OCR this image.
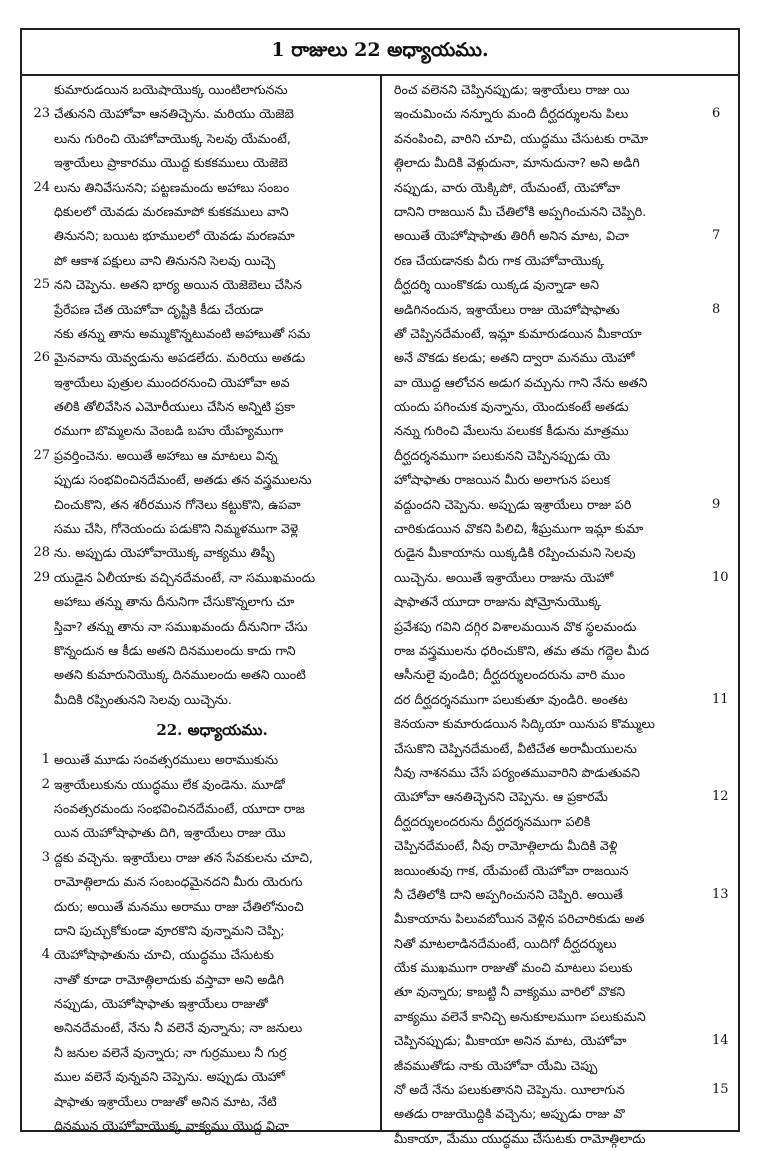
1 రాజులు 22 అధ్యాయము.
కుమారుడయిన బయెషాయొక్క యింటిలాగునను
చేతునని యెహోవా ఆనతిచ్చెను. మరియు యెజెబె
23
లును గురించి యెహోవాయొక్క సెలవు యేమంటే,
ఇశ్రాయేలు ప్రాకారము యొద్ద కుకకములు యెజెబె
లును తినివేసునని; పట్టణమందు అహాబు సంబం
24
ధికులలో యెవడు మరణమాపో కుకకములు వాని
తినునని; బయిట భూములలో యెవడు మరణమా
పో ఆకాశ పక్షులు వాని తినునని సెలవు యిచ్చె
నని చెప్పెను. అతని భార్య అయిన యెజెబెలు చేసిన
25
ప్రేరేపణ చేత యెహోవా దృష్టికి కీడు చేయడా
నకు తన్ను తాను అమ్ముకొన్నటువంటి అహాబుతో సమ
మైనవాను యెవ్వడును అపడలేదు. మరియు అతడు
26
ఇశ్రాయేలు పుత్రుల ముందరనుంచి యెహోవా అవ
తలికి తోలివేసిన ఎమోరీయులు చేసిన అన్నిటి ప్రకా
రముగా బొమ్మలను వెంబడి బహు యేహ్యముగా
ప్రవర్తించెను. అయితే అహాబు ఆ మాటలు విన్న
27
ప్పుడు సంభవించినదేమంటే, అతడు తన వస్త్రములను
చించుకొని, తన శరీరమున గోనెలు కట్టుకొని, ఉపవా
సము చేసి, గోనెయందు పడుకొని నిమ్మళముగా వెళ్లె
ను. అప్పుడు యెహోవాయొక్క వాక్యము తిష్బీ
28
యుడైన ఏలీయాకు వచ్చినదేమంటే, నా సముఖమందు
29
అహాబు తన్ను తాను దీనునిగా చేసుకొన్నలాగు చూ
స్తివా? తన్ను తాను నా సముఖమందు దీనునిగా చేసు
కొన్నందున ఆ కీడు అతని దినములందు కాదు గాని
అతని కుమారునియొక్క దినములందు అతని యింటి
మీదికి రప్పింతునని సెలవు యిచ్చెను.
22. అధ్యాయము.
అయితే మూడు సంవత్సరములు అరాముకును
1
ఇశ్రాయేలుకును యుద్ధము లేక వుండెను. మూడో
2
సంవత్సరమందు సంభవించినదేమంటే, యూదా రాజ
యిన యెహోషాఫాతు దిగి, ఇశ్రాయేలు రాజు యొ
ద్దకు వచ్చెను. ఇశ్రాయేలు రాజు తన సేవకులను చూచి,
3
రామోత్గిలాదు మన సంబంధమైనదని మీరు యెరుగు
దురు; అయితే మనము అరాము రాజు చేతిలోనుంచి
దాని పుచ్చుకోకుండా వూరకొని వున్నామని చెప్పి;
యెహోషాఫాతును చూచి, యుద్ధము చేసుటకు
4
నాతో కూడా రామోత్గిలాదుకు వస్తావా అని అడిగి
నప్పుడు, యెహోషాఫాతు ఇశ్రాయేలు రాజుతో
అనినదేమంటే, నేను నీ వలెనే వున్నాను; నా జనులు
నీ జనుల వలెనే వున్నారు; నా గుర్రములు నీ గుర్ర
ముల వలెనే వున్నవని చెప్పెను. అప్పుడు యెహో
షాఫాతు ఇశ్రాయేలు రాజుతో అనిన మాట, నేటి
దినమున యెహోవాయొక్క వాక్యము యొద్ద విచా
రించ వలెనని చెప్పినప్పుడు; ఇశ్రాయేలు రాజు యి
ఇంచుమించు నన్నూరు మంది దీర్ఘదర్శులను పిలు	6
వనంపించి, వారిని చూచి, యుద్ధము చేసుటకు రామో
త్గిలాదు మీదికి వెళ్లుదునా, మానుదునా? అని అడిగి
నప్పుడు, వారు యెక్కిపో, యేమంటే, యెహోవా
దానిని రాజయిన మీ చేతిలోకి అప్పగించునని చెప్పిరి.
అయితే యెహోషాఫాతు తిరిగీ అనిన మాట, విచా	7
రణ చేయడానకు వీరు గాక యెహోవాయొక్క
దీర్ఘదర్శి యింకొకడు యిక్కడ వున్నాడా అని
అడిగినందున, ఇశ్రాయేలు రాజు యెహోషాఫాతు	8
తో చెప్పినదేమంటే, ఇమ్లా కుమారుడయిన మీకాయా
అనే వొకడు కలడు; అతని ద్వారా మనము యెహో
వా యొద్ద ఆలోచన అడుగ వచ్చును గాని నేను అతని
యందు పగించుక వున్నాను, యెందుకంటే అతడు
నన్ను గురించి మేలును పలుకక కీడును మాత్రము
దీర్ఘదర్శనముగా పలుకునని చెప్పినప్పుడు యె
హోషాఫాతు రాజయిన మీరు అలాగున పలుక
వద్దుందని చెప్పెను. అప్పుడు ఇశ్రాయేలు రాజు పరి	9
చారికుడయిన వొకని పిలిచి, శీఘ్రముగా ఇమ్లా కుమా
రుడైన మీకాయాను యిక్కడికి రప్పించుమని సెలవు
యిచ్చెను. అయితే ఇశ్రాయేలు రాజును యెహో	10
షాఫాతనే యూదా రాజును షోమ్రోనుయొక్క
ప్రవేశపు గవిని దగ్గిర విశాలమయిన వొక స్థలమందు
రాజ వస్త్రములను ధరించుకొని, తమ తమ గద్దెల మీద
ఆసీనులై వుండిరి; దీర్ఘదర్శులందరును వారి ముం
దర దీర్ఘదర్శనముగా పలుకుతూ వుండిరి. అంతట	11
కెనయనా కుమారుడయిన సిద్కియా యినుప కొమ్ములు
చేసుకొని చెప్పినదేమంటే, వీటిచేత అరామీయులను
నీవు నాశనము చేసే పర్యంతమువారిని పొడుతువని
యెహోవా ఆనతిచ్చెనని చెప్పెను. ఆ ప్రకారమే	12
దీర్ఘదర్శులందరును దీర్ఘదర్శనముగా పలికి
చెప్పినదేమంటే, నీవు రామోత్గిలాదు మీదికి వెళ్లి
జయింతువు గాక, యేమంటే యెహోవా రాజయిన
నీ చేతిలోకి దాని అప్పగించునని చెప్పిరి. అయితే	13
మీకాయాను పిలువబోయిన వెళ్లిన పరిచారికుడు అత
నితో మాటలాడినదేమంటే, యిదిగో దీర్ఘదర్శులు
యేక ముఖముగా రాజుతో మంచి మాటలు పలుకు
తూ వున్నారు; కాబట్టి నీ వాక్యము వారిలో వొకని
వాక్యము వలెనే కానిచ్చి అనుకూలముగా పలుకుమని
చెప్పినప్పుడు; మీకాయా అనిన మాట, యెహోవా	14
జీవముతోడు నాకు యెహోవా యేమి చెప్పు
నో అదే నేను పలుకుతానని చెప్పెను. యీలాగున	15
అతడు రాజుయొద్దికి వచ్చెను; అప్పుడు రాజు వొ
మీకాయా, మేము యుద్ధము చేసుటకు రామోత్గిలాదు
